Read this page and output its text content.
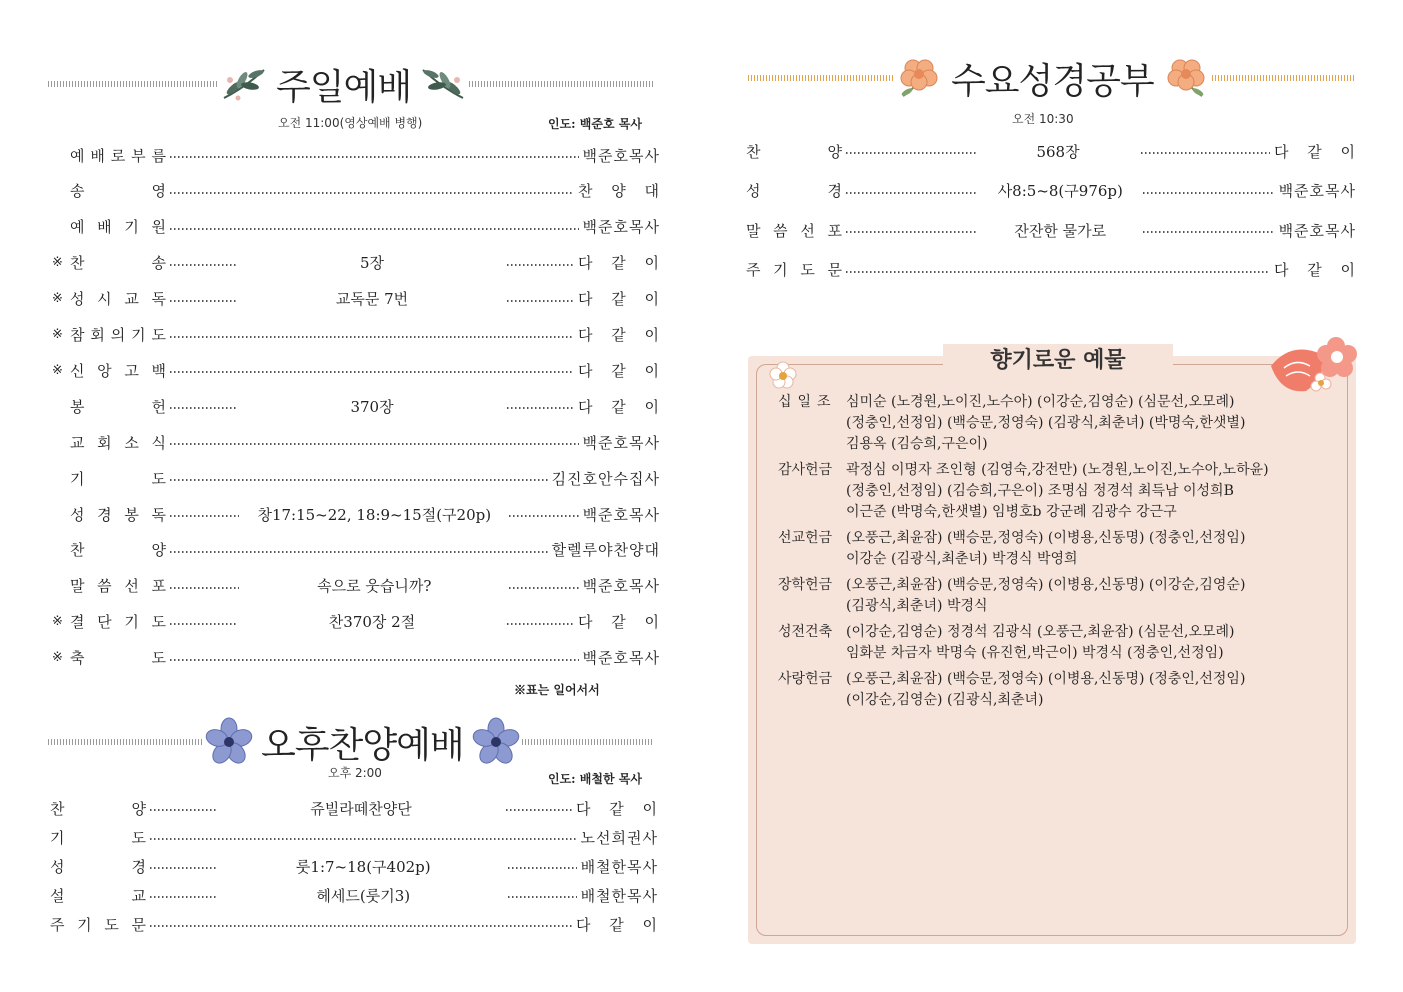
주일예배
오전 11:00(영상예배 병행)	인도: 백준호 목사
예 배 로 부 름	백준호목사
송	영	찬 양 대
예 배 기 원	백준호목사
※ 찬	송	5장	다 같 이
※ 성 시 교 독	교독문 7번	다 같 이
※ 참 회 의 기 도	다 같 이
※ 신 앙 고 백	다 같 이
봉	헌	370장	다 같 이
교 회 소 식	백준호목사
기	도	김진호안수집사
성 경 봉 독	창17:15~22, 18:9~15절(구20p)	백준호목사
찬	양	할렐루야찬양대
말 씀 선 포	속으로 웃습니까?	백준호목사
※ 결 단 기 도	찬370장 2절	다 같 이
※ 축	도	백준호목사
※표는 일어서서
오후찬양예배
오후 2:00	인도: 배철한 목사
찬	양	쥬빌라떼찬양단	다 같 이
기	도	노선희권사
성	경	룻1:7~18(구402p)	배철한목사
설	교	헤세드(룻기3)	배철한목사
주 기 도 문	다 같 이
수요성경공부
오전 10:30
찬	양	568장	다 같 이
성	경	사8:5~8(구976p)	백준호목사
말 씀 선 포	잔잔한 물가로	백준호목사
주 기 도 문	다 같 이
향기로운 예물
십일조 심미순 (노경원,노이진,노수아) (이강순,김영순) (심문선,오모례)
(정충인,선정임) (백승문,정영숙) (김광식,최춘녀) (박명숙,한샛별)
김용옥 (김승희,구은이)
감사헌금 곽정심 이명자 조인형 (김영숙,강전만) (노경원,노이진,노수아,노하윤)
(정충인,선정임) (김승희,구은이) 조명심 정경석 최득남 이성희B
이근준 (박명숙,한샛별) 임병호b 강군례 김광수 강근구
선교헌금 (오풍근,최윤잠) (백승문,정영숙) (이병용,신동명) (정충인,선정임)
이강순 (김광식,최춘녀) 박경식 박영희
장학헌금 (오풍근,최윤잠) (백승문,정영숙) (이병용,신동명) (이강순,김영순)
(김광식,최춘녀) 박경식
성전건축 (이강순,김영순) 정경석 김광식 (오풍근,최윤잠) (심문선,오모례)
임화분 차금자 박명숙 (유진헌,박근이) 박경식 (정충인,선정임)
사랑헌금 (오풍근,최윤잠) (백승문,정영숙) (이병용,신동명) (정충인,선정임)
(이강순,김영순) (김광식,최춘녀)
